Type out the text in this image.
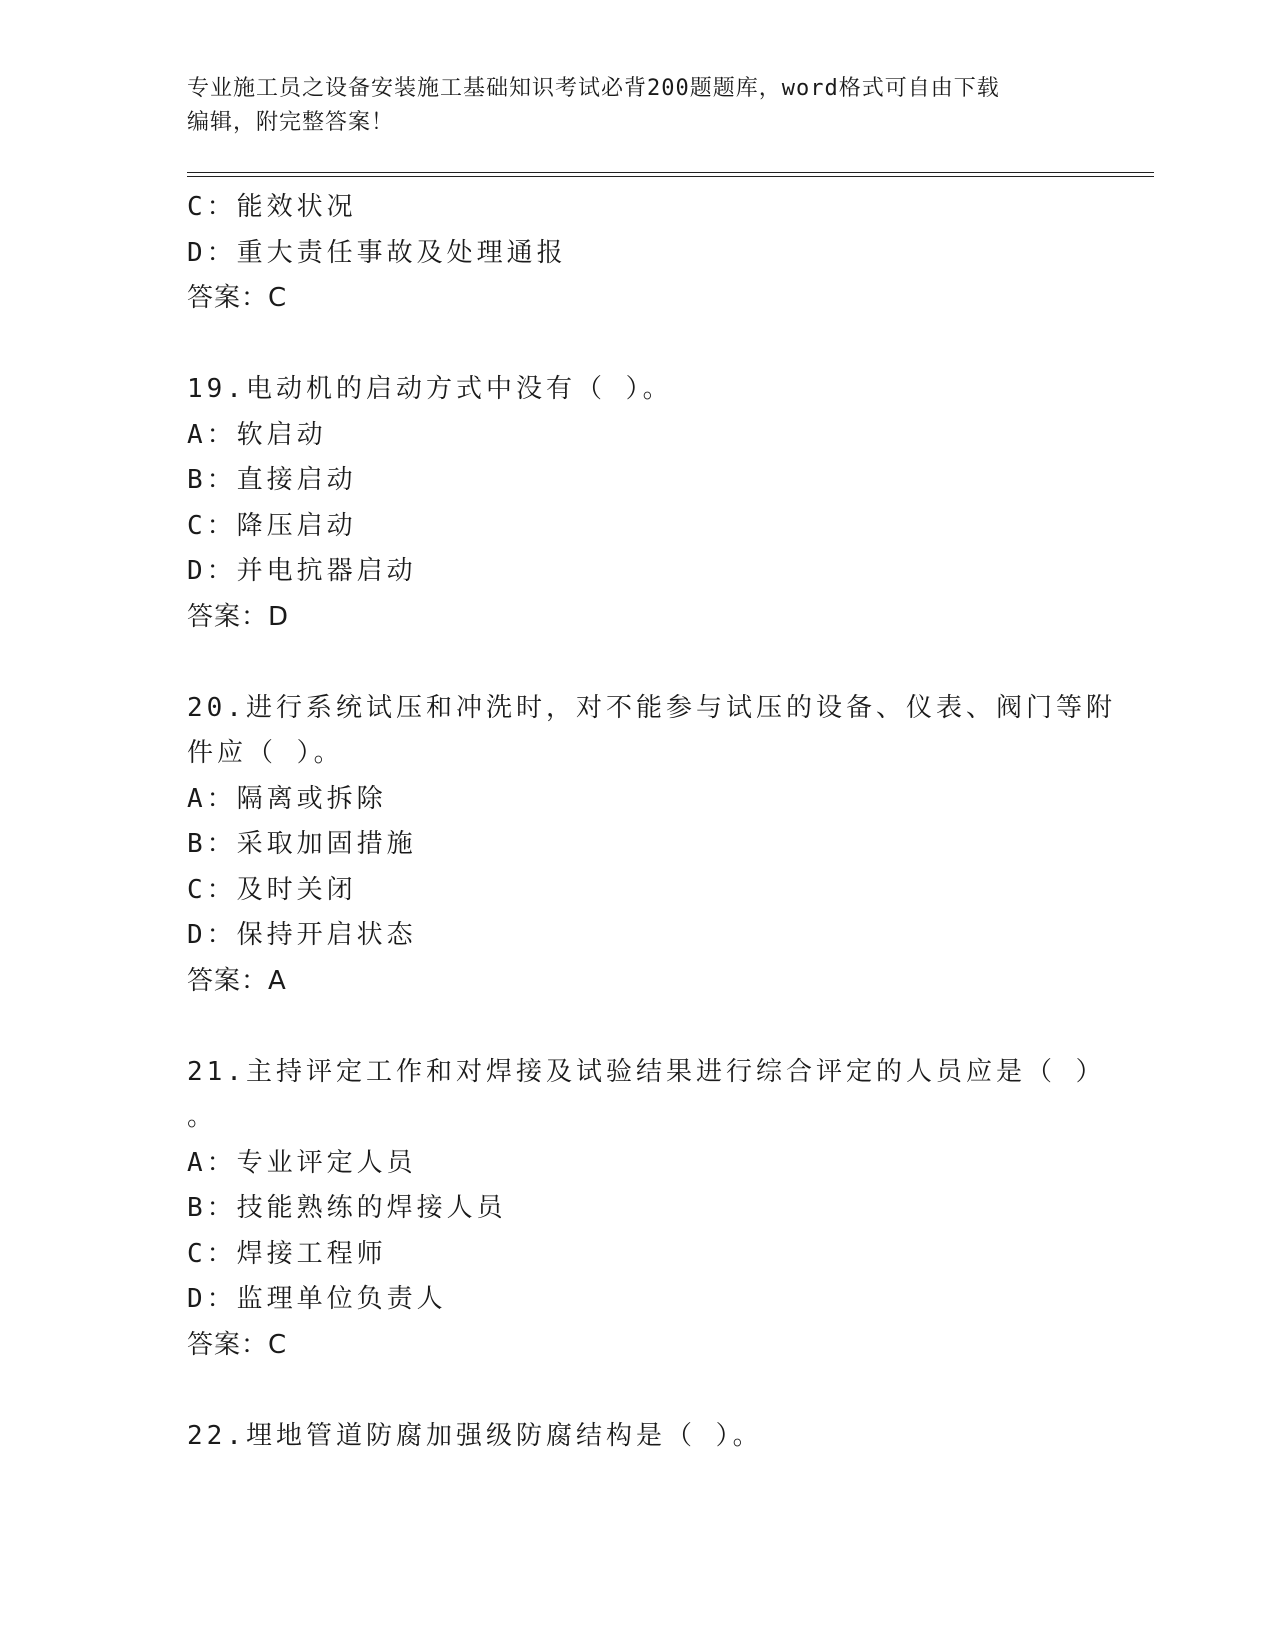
专业施工员之设备安装施工基础知识考试必背200题题库，word格式可自由下载
编辑，附完整答案！
C：能效状况
D：重大责任事故及处理通报
答案：C
19.电动机的启动方式中没有（ ）。
A：软启动
B：直接启动
C：降压启动
D：并电抗器启动
答案：D
20.进行系统试压和冲洗时，对不能参与试压的设备、仪表、阀门等附
件应（ ）。
A：隔离或拆除
B：采取加固措施
C：及时关闭
D：保持开启状态
答案：A
21.主持评定工作和对焊接及试验结果进行综合评定的人员应是（ ）
。
A：专业评定人员
B：技能熟练的焊接人员
C：焊接工程师
D：监理单位负责人
答案：C
22.埋地管道防腐加强级防腐结构是（ ）。
